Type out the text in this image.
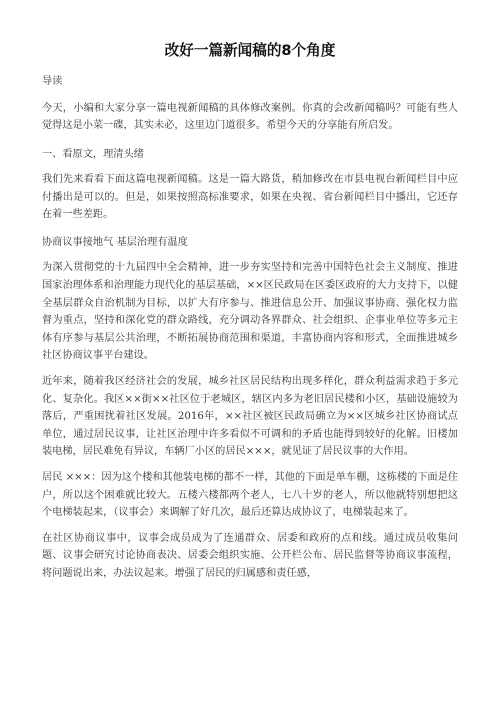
改好一篇新闻稿的8个角度
导读

今天，小编和大家分享一篇电视新闻稿的具体修改案例。你真的会改新闻稿吗？可能有些人觉得这是小菜一碟，其实未必，这里边门道很多。希望今天的分享能有所启发。

一、看原文，理清头绪

我们先来看看下面这篇电视新闻稿。这是一篇大路货，稍加修改在市县电视台新闻栏目中应付播出是可以的。但是，如果按照高标准要求，如果在央视、省台新闻栏目中播出，它还存在着一些差距。

协商议事接地气 基层治理有温度

为深入贯彻党的十九届四中全会精神，进一步夯实坚持和完善中国特色社会主义制度、推进国家治理体系和治理能力现代化的基层基础，××区民政局在区委区政府的大力支持下，以健全基层群众自治机制为目标，以扩大有序参与、推进信息公开、加强议事协商、强化权力监督为重点，坚持和深化党的群众路线，充分调动各界群众、社会组织、企事业单位等多元主体有序参与基层公共治理，不断拓展协商范围和渠道，丰富协商内容和形式，全面推进城乡社区协商议事平台建设。

近年来，随着我区经济社会的发展，城乡社区居民结构出现多样化，群众利益需求趋于多元化、复杂化。我区××街××社区位于老城区，辖区内多为老旧居民楼和小区，基础设施较为落后，严重困扰着社区发展。2016年，××社区被区民政局确立为××区城乡社区协商试点单位，通过居民议事，让社区治理中许多看似不可调和的矛盾也能得到较好的化解。旧楼加装电梯，居民难免有异议，车辆厂小区的居民×××，就见证了居民议事的大作用。

居民 ×××：因为这个楼和其他装电梯的都不一样，其他的下面是单车棚，这栋楼的下面是住户，所以这个困难就比较大。五楼六楼都两个老人，七八十岁的老人，所以他就特别想把这个电梯装起来，（议事会）来调解了好几次，最后还算达成协议了，电梯装起来了。

在社区协商议事中，议事会成员成为了连通群众、居委和政府的点和线。通过成员收集问题、议事会研究讨论协商表决、居委会组织实施、公开栏公布、居民监督等协商议事流程，将问题说出来，办法议起来。增强了居民的归属感和责任感，
